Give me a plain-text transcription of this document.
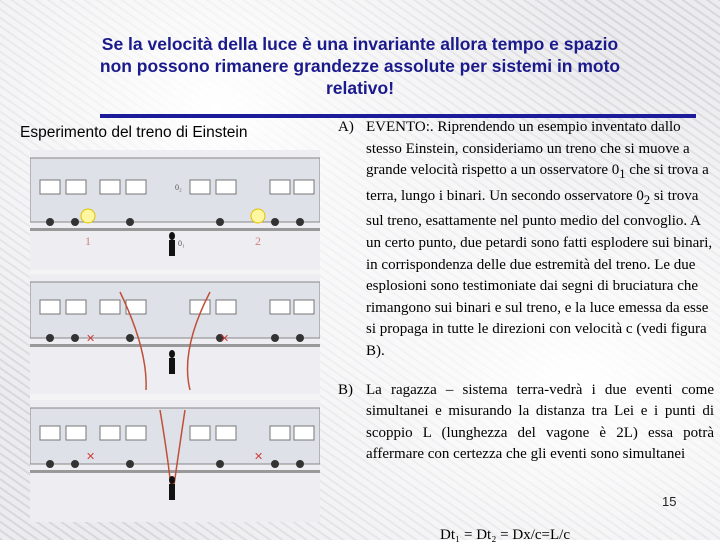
Se la velocità della luce è una invariante allora tempo e spazio
non possono rimanere grandezze assolute per sistemi in moto
relativo!
Esperimento del treno di Einstein
1	2
0₁
0₂
✕	✕
✕	✕
A) EVENTO:. Riprendendo un esempio inventato dallo stesso Einstein, consideriamo un treno che si muove a grande velocità rispetto a un osservatore $0_1$ che si trova a terra, lungo i binari. Un secondo osservatore $0_2$ si trova sul treno, esattamente nel punto medio del convoglio. A un certo punto, due petardi sono fatti esplodere sui binari, in corrispondenza delle due estremità del treno. Le due esplosioni sono testimoniate dai segni di bruciatura che rimangono sui binari e sul treno, e la luce emessa da esse si propaga in tutte le direzioni con velocità c (vedi figura B).
B) La ragazza – sistema terra-vedrà i due eventi come simultanei e misurando la distanza tra Lei e i punti di scoppio L (lunghezza del vagone è 2L) essa potrà affermare con certezza che gli eventi sono simultanei
15
Dt₁ = Dt₂ = Dx/c=L/c
